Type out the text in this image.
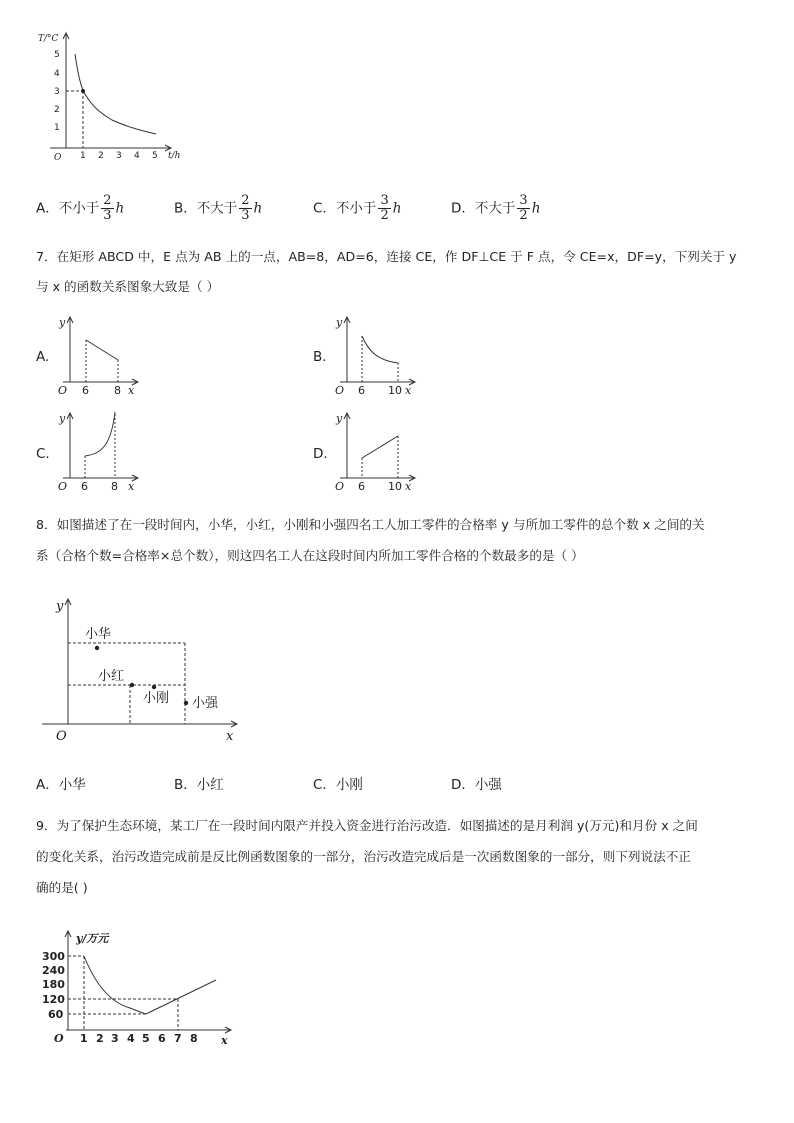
T/°C
5
4
3
2
1
O 1 2 3 4 5 t/h
A．不小于 $\frac{2}{3}$ h	B．不大于 $\frac{2}{3}$ h	C．不小于 $\frac{3}{2}$ h	D．不大于 $\frac{3}{2}$ h
7．在矩形 ABCD 中，E 点为 AB 上的一点，AB=8，AD=6，连接 CE，作 DF⊥CE 于 F 点，令 CE=x，DF=y，下列关于 y
与 x 的函数关系图象大致是（ ）
A.
y
O 6 8 x
B.
y
O 6 10 x
C.
y
O 6 8 x
D.
y
O 6 10 x
8．如图描述了在一段时间内，小华，小红，小刚和小强四名工人加工零件的合格率 y 与所加工零件的总个数 x 之间的关
系（合格个数=合格率×总个数），则这四名工人在这段时间内所加工零件合格的个数最多的是（ ）
y
小华
小红
小刚 小强
O	x
A．小华	B．小红	C．小刚	D．小强
9．为了保护生态环境，某工厂在一段时间内限产并投入资金进行治污改造．如图描述的是月利润 y(万元)和月份 x 之间
的变化关系，治污改造完成前是反比例函数图象的一部分，治污改造完成后是一次函数图象的一部分，则下列说法不正
确的是( )
y/万元
300
240
180
120
60
O 1 2 3 4 5 6 7 8 x
